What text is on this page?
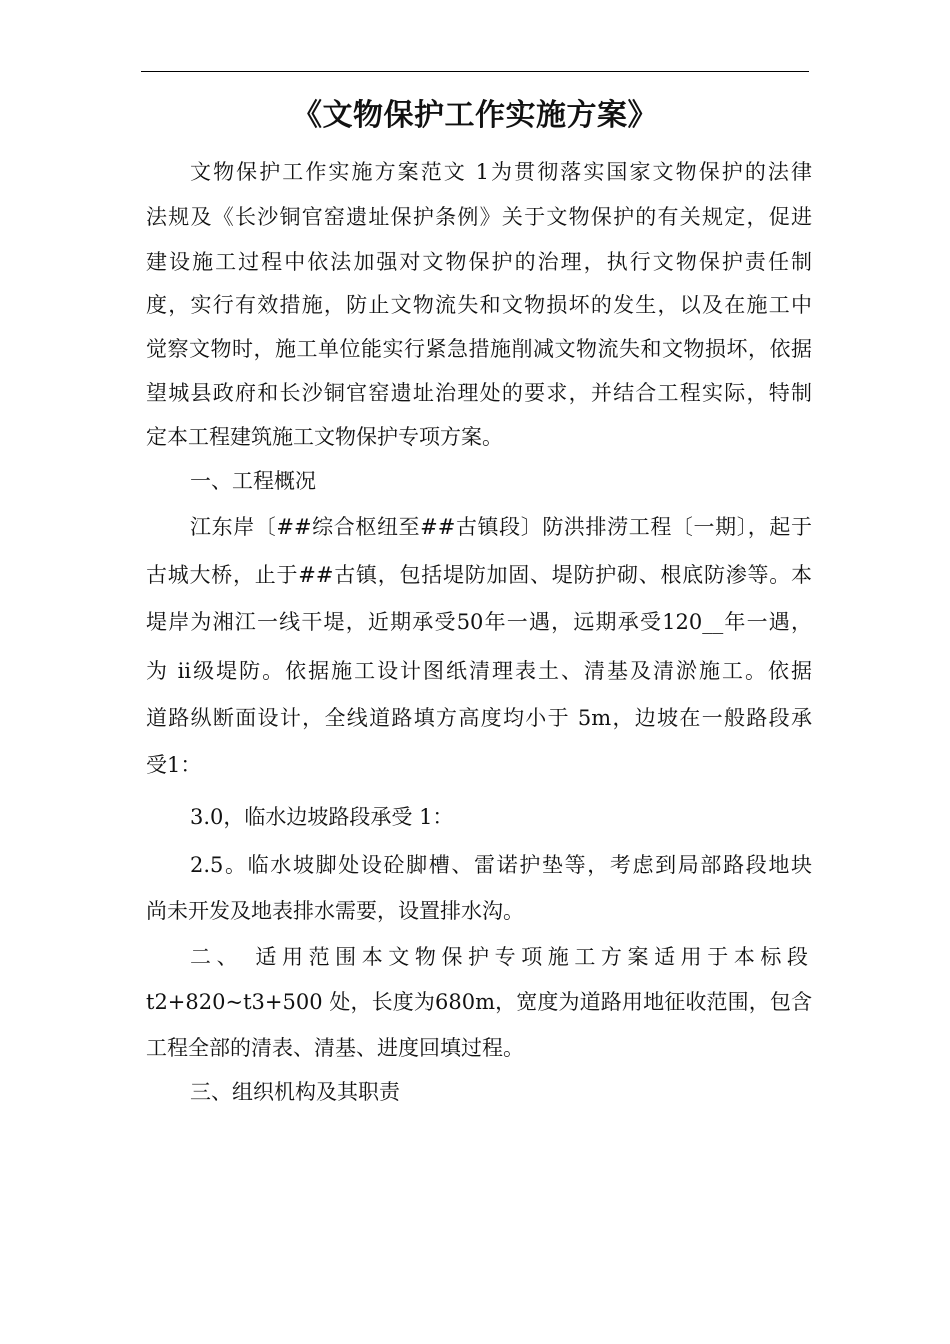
《文物保护工作实施方案》
文物保护工作实施方案范文 1为贯彻落实国家文物保护的法律
法规及《长沙铜官窑遗址保护条例》关于文物保护的有关规定，促进
建设施工过程中依法加强对文物保护的治理，执行文物保护责任制
度，实行有效措施，防止文物流失和文物损坏的发生，以及在施工中
觉察文物时，施工单位能实行紧急措施削减文物流失和文物损坏，依据
望城县政府和长沙铜官窑遗址治理处的要求，并结合工程实际，特制
定本工程建筑施工文物保护专项方案。
一、工程概况
江东岸〔##综合枢纽至##古镇段〕防洪排涝工程〔一期〕，起于
古城大桥，止于##古镇，包括堤防加固、堤防护砌、根底防渗等。本
堤岸为湘江一线干堤，近期承受50年一遇，远期承受120__年一遇，
为 ii级堤防。依据施工设计图纸清理表土、清基及清淤施工。依据
道路纵断面设计，全线道路填方高度均小于 5m，边坡在一般路段承
受1：
3.0，临水边坡路段承受 1：
2.5。临水坡脚处设砼脚槽、雷诺护垫等，考虑到局部路段地块
尚未开发及地表排水需要，设置排水沟。
二、 适用范围本文物保护专项施工方案适用于本标段
t2+820~t3+500 处，长度为680m，宽度为道路用地征收范围，包含
工程全部的清表、清基、进度回填过程。
三、组织机构及其职责
